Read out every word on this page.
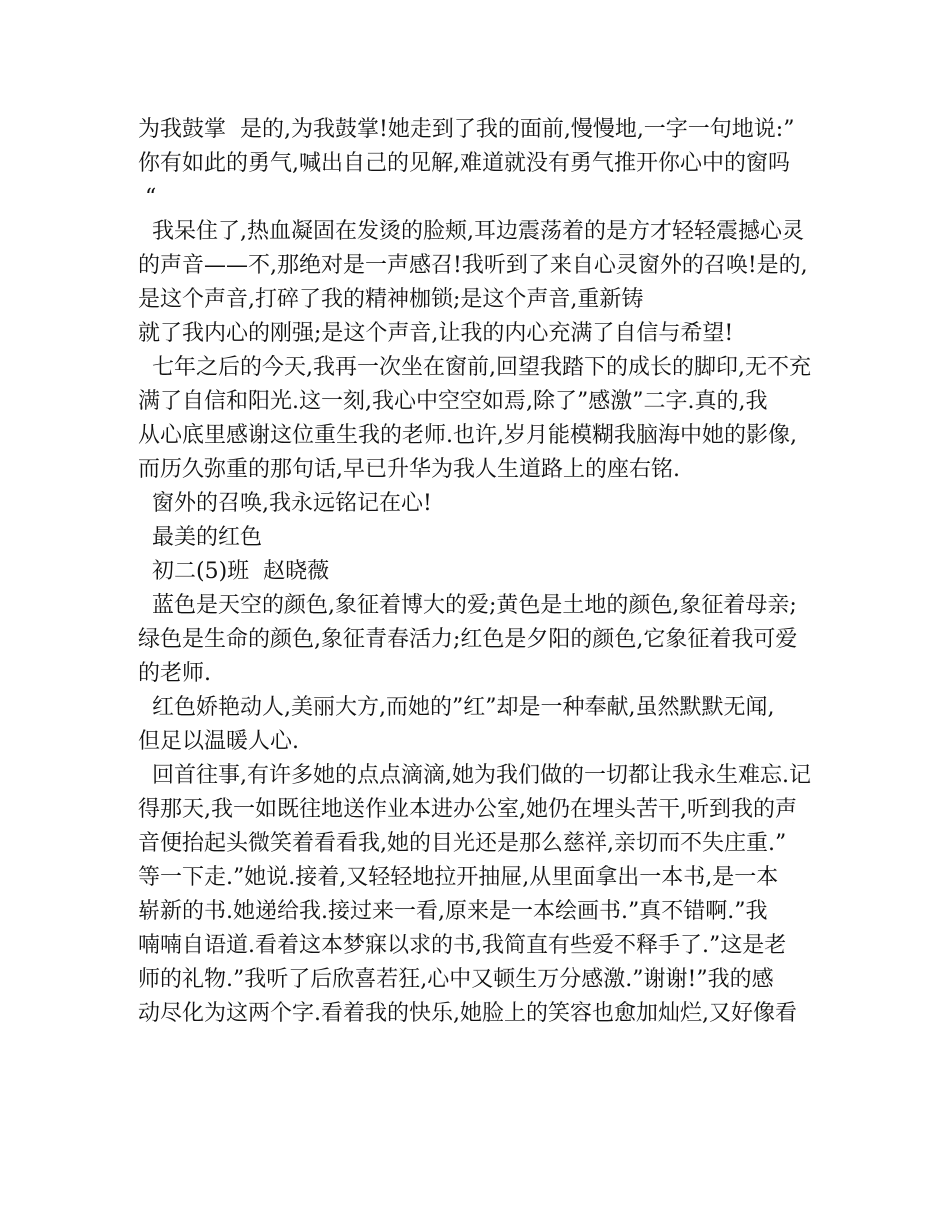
为我鼓掌  是的,为我鼓掌!她走到了我的面前,慢慢地,一字一句地说:”
你有如此的勇气,喊出自己的见解,难道就没有勇气推开你心中的窗吗
“
我呆住了,热血凝固在发烫的脸颊,耳边震荡着的是方才轻轻震撼心灵
的声音——不,那绝对是一声感召!我听到了来自心灵窗外的召唤!是的,
是这个声音,打碎了我的精神枷锁;是这个声音,重新铸
就了我内心的刚强;是这个声音,让我的内心充满了自信与希望!
七年之后的今天,我再一次坐在窗前,回望我踏下的成长的脚印,无不充
满了自信和阳光.这一刻,我心中空空如焉,除了”感激”二字.真的,我
从心底里感谢这位重生我的老师.也许,岁月能模糊我脑海中她的影像,
而历久弥重的那句话,早已升华为我人生道路上的座右铭.
窗外的召唤,我永远铭记在心!
最美的红色
初二(5)班  赵晓薇
蓝色是天空的颜色,象征着博大的爱;黄色是土地的颜色,象征着母亲;
绿色是生命的颜色,象征青春活力;红色是夕阳的颜色,它象征着我可爱
的老师.
红色娇艳动人,美丽大方,而她的”红”却是一种奉献,虽然默默无闻,
但足以温暖人心.
回首往事,有许多她的点点滴滴,她为我们做的一切都让我永生难忘.记
得那天,我一如既往地送作业本进办公室,她仍在埋头苦干,听到我的声
音便抬起头微笑着看看我,她的目光还是那么慈祥,亲切而不失庄重.”
等一下走.”她说.接着,又轻轻地拉开抽屉,从里面拿出一本书,是一本
崭新的书.她递给我.接过来一看,原来是一本绘画书.”真不错啊.”我
喃喃自语道.看着这本梦寐以求的书,我简直有些爱不释手了.”这是老
师的礼物.”我听了后欣喜若狂,心中又顿生万分感激.”谢谢!”我的感
动尽化为这两个字.看着我的快乐,她脸上的笑容也愈加灿烂,又好像看
